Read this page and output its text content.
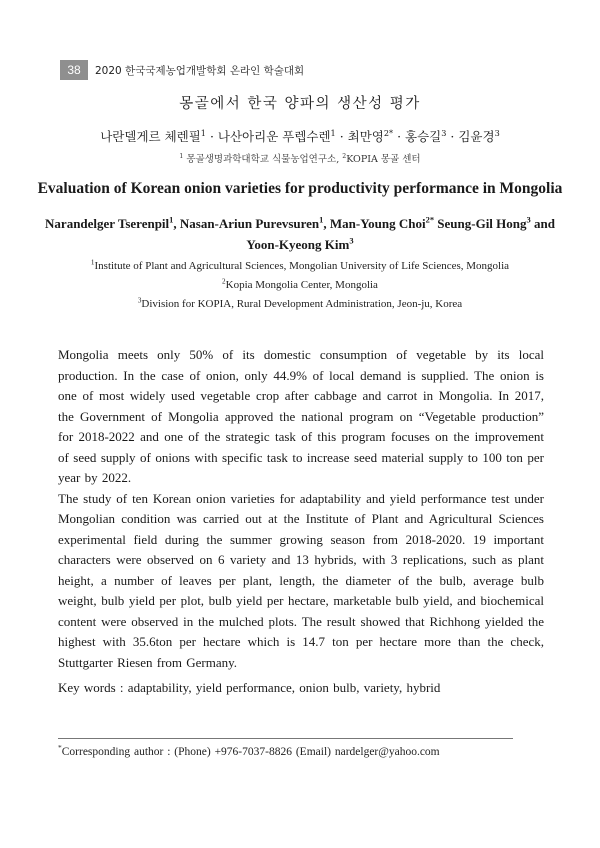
38	2020 한국국제농업개발학회 온라인 학술대회
몽골에서 한국 양파의 생산성 평가
나란델게르 체렌필$^1$ · 나산아리운 푸렙수렌$^1$ · 최만영$^{2*}$ · 홍승길$^3$ · 김윤경$^3$
$^1$ 몽골생명과학대학교 식물농업연구소, $^2$KOPIA 몽골 센터
Evaluation of Korean onion varieties for productivity performance in Mongolia
Narandelger Tserenpil$^1$, Nasan-Ariun Purevsuren$^1$, Man-Young Choi$^{2*}$ Seung-Gil Hong$^3$ and
Yoon-Kyeong Kim$^3$
$^1$Institute of Plant and Agricultural Sciences, Mongolian University of Life Sciences, Mongolia
$^2$Kopia Mongolia Center, Mongolia
$^3$Division for KOPIA, Rural Development Administration, Jeon-ju, Korea

Mongolia meets only 50% of its domestic consumption of vegetable by its local production. In the case of onion, only 44.9% of local demand is supplied. The onion is one of most widely used vegetable crop after cabbage and carrot in Mongolia. In 2017, the Government of Mongolia approved the national program on “Vegetable production” for 2018-2022 and one of the strategic task of this program focuses on the improvement of seed supply of onions with specific task to increase seed material supply to 100 ton per year by 2022.

The study of ten Korean onion varieties for adaptability and yield performance test under Mongolian condition was carried out at the Institute of Plant and Agricultural Sciences experimental field during the summer growing season from 2018-2020. 19 important characters were observed on 6 variety and 13 hybrids, with 3 replications, such as plant height, a number of leaves per plant, length, the diameter of the bulb, average bulb weight, bulb yield per plot, bulb yield per hectare, marketable bulb yield, and biochemical content were observed in the mulched plots. The result showed that Richhong yielded the highest with 35.6ton per hectare which is 14.7 ton per hectare more than the check, Stuttgarter Riesen from Germany.

Key words : adaptability, yield performance, onion bulb, variety, hybrid
*Corresponding author : (Phone) +976-7037-8826 (Email) nardelger@yahoo.com
